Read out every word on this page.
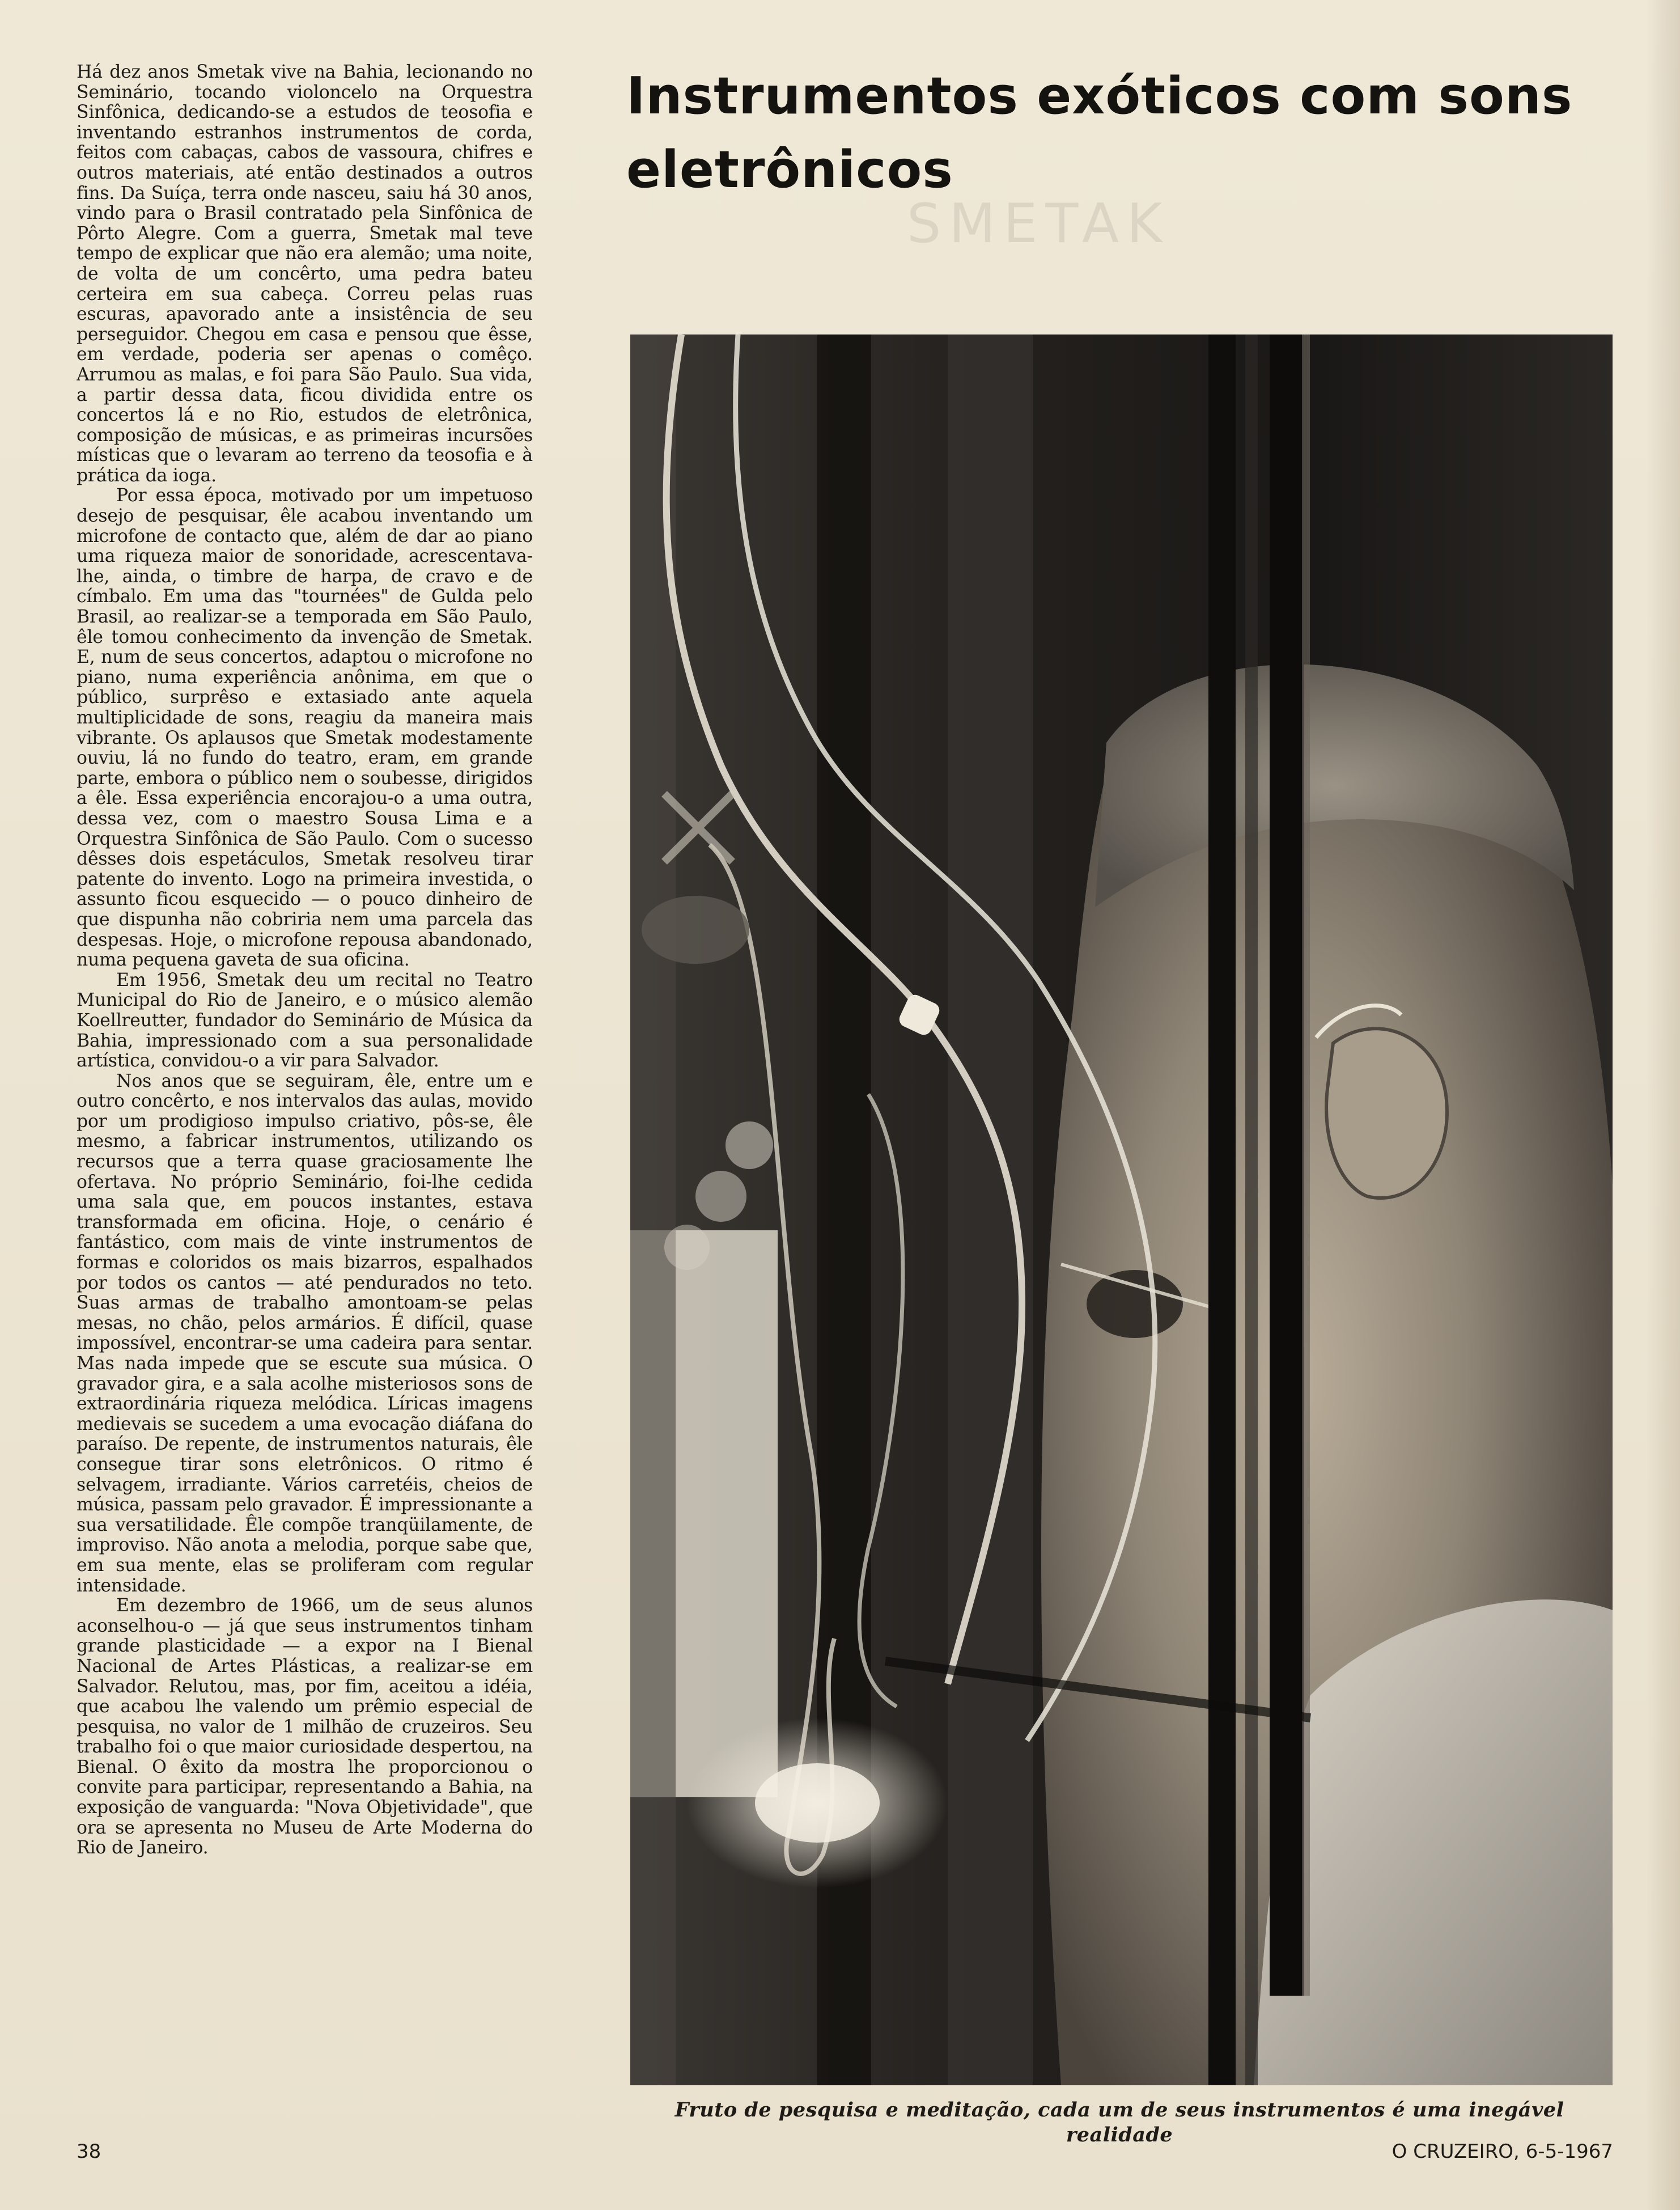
SMETAK
Instrumentos exóticos com sons eletrônicos

Há dez anos Smetak vive na Bahia, lecionando no Seminário, tocando violoncelo na Orquestra Sinfônica, dedicando-se a estudos de teosofia e inventando estranhos instrumentos de corda, feitos com cabaças, cabos de vassoura, chifres e outros materiais, até então destinados a outros fins. Da Suíça, terra onde nasceu, saiu há 30 anos, vindo para o Brasil contratado pela Sinfônica de Pôrto Alegre. Com a guerra, Smetak mal teve tempo de explicar que não era alemão; uma noite, de volta de um concêrto, uma pedra bateu certeira em sua cabeça. Correu pelas ruas escuras, apavorado ante a insistência de seu perseguidor. Chegou em casa e pensou que êsse, em verdade, poderia ser apenas o comêço. Arrumou as malas, e foi para São Paulo. Sua vida, a partir dessa data, ficou dividida entre os concertos lá e no Rio, estudos de eletrônica, composição de músicas, e as primeiras incursões místicas que o levaram ao terreno da teosofia e à prática da ioga.

Por essa época, motivado por um impetuoso desejo de pesquisar, êle acabou inventando um microfone de contacto que, além de dar ao piano uma riqueza maior de sonoridade, acrescentava-lhe, ainda, o timbre de harpa, de cravo e de címbalo. Em uma das "tournées" de Gulda pelo Brasil, ao realizar-se a temporada em São Paulo, êle tomou conhecimento da invenção de Smetak. E, num de seus concertos, adaptou o microfone no piano, numa experiência anônima, em que o público, surprêso e extasiado ante aquela multiplicidade de sons, reagiu da maneira mais vibrante. Os aplausos que Smetak modestamente ouviu, lá no fundo do teatro, eram, em grande parte, embora o público nem o soubesse, dirigidos a êle. Essa experiência encorajou-o a uma outra, dessa vez, com o maestro Sousa Lima e a Orquestra Sinfônica de São Paulo. Com o sucesso dêsses dois espetáculos, Smetak resolveu tirar patente do invento. Logo na primeira investida, o assunto ficou esquecido — o pouco dinheiro de que dispunha não cobriria nem uma parcela das despesas. Hoje, o microfone repousa abandonado, numa pequena gaveta de sua oficina.

Em 1956, Smetak deu um recital no Teatro Municipal do Rio de Janeiro, e o músico alemão Koellreutter, fundador do Seminário de Música da Bahia, impressionado com a sua personalidade artística, convidou-o a vir para Salvador.

Nos anos que se seguiram, êle, entre um e outro concêrto, e nos intervalos das aulas, movido por um prodigioso impulso criativo, pôs-se, êle mesmo, a fabricar instrumentos, utilizando os recursos que a terra quase graciosamente lhe ofertava. No próprio Seminário, foi-lhe cedida uma sala que, em poucos instantes, estava transformada em oficina. Hoje, o cenário é fantástico, com mais de vinte instrumentos de formas e coloridos os mais bizarros, espalhados por todos os cantos — até pendurados no teto. Suas armas de trabalho amontoam-se pelas mesas, no chão, pelos armários. É difícil, quase impossível, encontrar-se uma cadeira para sentar. Mas nada impede que se escute sua música. O gravador gira, e a sala acolhe misteriosos sons de extraordinária riqueza melódica. Líricas imagens medievais se sucedem a uma evocação diáfana do paraíso. De repente, de instrumentos naturais, êle consegue tirar sons eletrônicos. O ritmo é selvagem, irradiante. Vários carretéis, cheios de música, passam pelo gravador. É impressionante a sua versatilidade. Êle compõe tranqüilamente, de improviso. Não anota a melodia, porque sabe que, em sua mente, elas se proliferam com regular intensidade.

Em dezembro de 1966, um de seus alunos aconselhou-o — já que seus instrumentos tinham grande plasticidade — a expor na I Bienal Nacional de Artes Plásticas, a realizar-se em Salvador. Relutou, mas, por fim, aceitou a idéia, que acabou lhe valendo um prêmio especial de pesquisa, no valor de 1 milhão de cruzeiros. Seu trabalho foi o que maior curiosidade despertou, na Bienal. O êxito da mostra lhe proporcionou o convite para participar, representando a Bahia, na exposição de vanguarda: "Nova Objetividade", que ora se apresenta no Museu de Arte Moderna do Rio de Janeiro.

Fruto de pesquisa e meditação, cada um de seus instrumentos é uma inegável realidade
38	O CRUZEIRO, 6-5-1967
